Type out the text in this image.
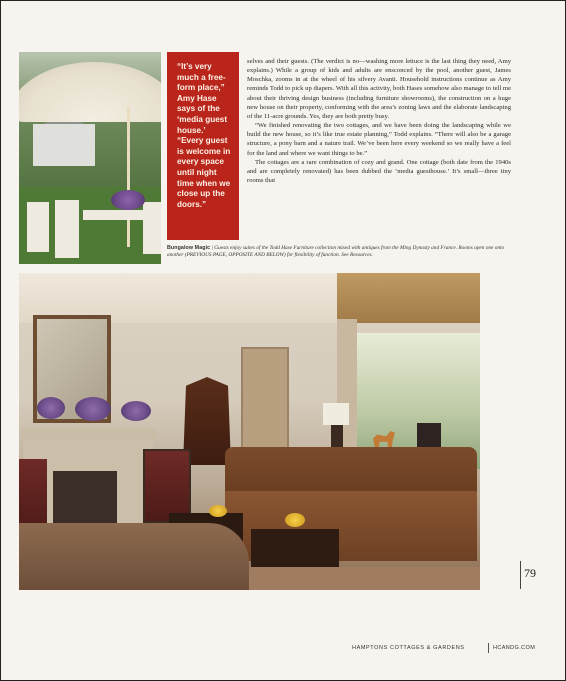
“It’s very
much a free-
form place,”
Amy Hase
says of the
‘media guest
house.’
“Every guest
is welcome in
every space
until night
time when we
close up the
doors.”

selves and their guests. (The verdict is no—washing more lettuce is the last thing they need, Amy explains.) While a group of kids and adults are ensconced by the pool, another guest, James Moschka, zooms in at the wheel of his silvery Avanti. Household instructions continue as Amy reminds Todd to pick up diapers. With all this activity, both Hases somehow also manage to tell me about their thriving design business (including furniture showrooms), the construction on a huge new house on their property, conforming with the area’s zoning laws and the elaborate landscaping of the 11-acre grounds. Yes, they are both pretty busy.

“We finished renovating the two cottages, and we have been doing the landscaping while we build the new house, so it’s like true estate planning,” Todd explains. “There will also be a garage structure, a pony barn and a nature trail. We’ve been here every weekend so we really have a feel for the land and where we want things to be.”

The cottages are a rare combination of cozy and grand. One cottage (both date from the 1940s and are completely renovated) has been dubbed the ‘media guesthouse.’ It’s small—three tiny rooms that

Bungalow Magic | Guests enjoy suites of the Todd Hase Furniture collection mixed with antiques from the Ming Dynasty and France. Rooms open one onto another (PREVIOUS PAGE, OPPOSITE AND BELOW) for flexibility of function. See Resources.

79

HAMPTONS COTTAGES & GARDENS	HCANDG.COM
